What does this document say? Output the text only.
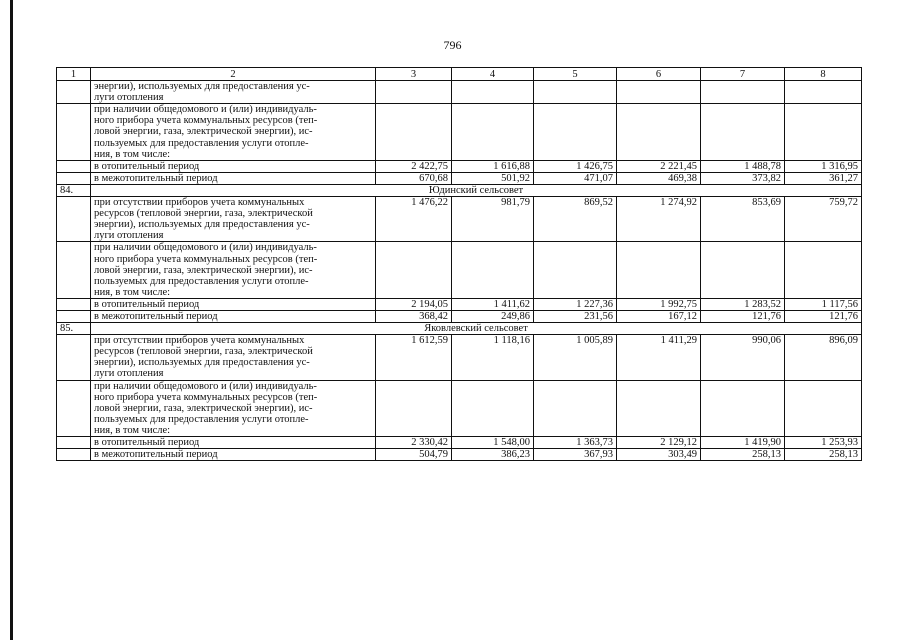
796
1	2	3	4	5	6	7	8

	энергии), используемых для предоставления ус-
луги отопления						

	при наличии общедомового и (или) индивидуаль-
ного прибора учета коммунальных ресурсов (теп-
ловой энергии, газа, электрической энергии), ис-
пользуемых для предоставления услуги отопле-
ния, в том числе:						

	в отопительный период	2 422,75	1 616,88	1 426,75	2 221,45	1 488,78	1 316,95

	в межотопительный период	670,68	501,92	471,07	469,38	373,82	361,27
84.	Юдинский сельсовет						

	при отсутствии приборов учета коммунальных
ресурсов (тепловой энергии, газа, электрической
энергии), используемых для предоставления ус-
луги отопления	1 476,22	981,79	869,52	1 274,92	853,69	759,72

	при наличии общедомового и (или) индивидуаль-
ного прибора учета коммунальных ресурсов (теп-
ловой энергии, газа, электрической энергии), ис-
пользуемых для предоставления услуги отопле-
ния, в том числе:						

	в отопительный период	2 194,05	1 411,62	1 227,36	1 992,75	1 283,52	1 117,56

	в межотопительный период	368,42	249,86	231,56	167,12	121,76	121,76
85.	Яковлевский сельсовет						

	при отсутствии приборов учета коммунальных
ресурсов (тепловой энергии, газа, электрической
энергии), используемых для предоставления ус-
луги отопления	1 612,59	1 118,16	1 005,89	1 411,29	990,06	896,09

	при наличии общедомового и (или) индивидуаль-
ного прибора учета коммунальных ресурсов (теп-
ловой энергии, газа, электрической энергии), ис-
пользуемых для предоставления услуги отопле-
ния, в том числе:						

	в отопительный период	2 330,42	1 548,00	1 363,73	2 129,12	1 419,90	1 253,93

	в межотопительный период	504,79	386,23	367,93	303,49	258,13	258,13
